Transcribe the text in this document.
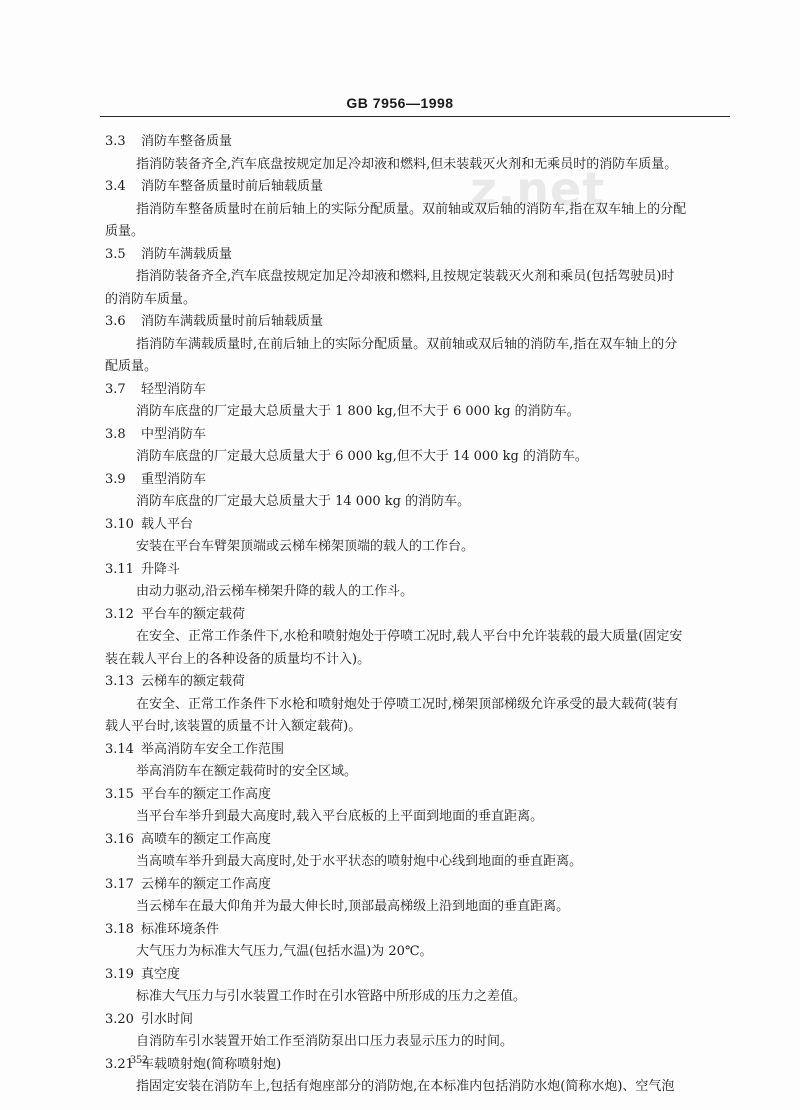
GB 7956—1998
z.net
3.3	消防车整备质量
指消防装备齐全,汽车底盘按规定加足冷却液和燃料,但未装载灭火剂和无乘员时的消防车质量。
3.4	消防车整备质量时前后轴载质量
指消防车整备质量时在前后轴上的实际分配质量。双前轴或双后轴的消防车,指在双车轴上的分配
质量。
3.5	消防车满载质量
指消防装备齐全,汽车底盘按规定加足冷却液和燃料,且按规定装载灭火剂和乘员(包括驾驶员)时
的消防车质量。
3.6	消防车满载质量时前后轴载质量
指消防车满载质量时,在前后轴上的实际分配质量。双前轴或双后轴的消防车,指在双车轴上的分
配质量。
3.7	轻型消防车
消防车底盘的厂定最大总质量大于 1 800 kg,但不大于 6 000 kg 的消防车。
3.8	中型消防车
消防车底盘的厂定最大总质量大于 6 000 kg,但不大于 14 000 kg 的消防车。
3.9	重型消防车
消防车底盘的厂定最大总质量大于 14 000 kg 的消防车。
3.10 载人平台
安装在平台车臂架顶端或云梯车梯架顶端的载人的工作台。
3.11 升降斗
由动力驱动,沿云梯车梯架升降的载人的工作斗。
3.12 平台车的额定载荷
在安全、正常工作条件下,水枪和喷射炮处于停喷工况时,载人平台中允许装载的最大质量(固定安
装在载人平台上的各种设备的质量均不计入)。
3.13 云梯车的额定载荷
在安全、正常工作条件下水枪和喷射炮处于停喷工况时,梯架顶部梯级允许承受的最大载荷(装有
载人平台时,该装置的质量不计入额定载荷)。
3.14 举高消防车安全工作范围
举高消防车在额定载荷时的安全区域。
3.15 平台车的额定工作高度
当平台车举升到最大高度时,载入平台底板的上平面到地面的垂直距离。
3.16 高喷车的额定工作高度
当高喷车举升到最大高度时,处于水平状态的喷射炮中心线到地面的垂直距离。
3.17 云梯车的额定工作高度
当云梯车在最大仰角并为最大伸长时,顶部最高梯级上沿到地面的垂直距离。
3.18 标准环境条件
大气压力为标准大气压力,气温(包括水温)为 20℃。
3.19 真空度
标准大气压力与引水装置工作时在引水管路中所形成的压力之差值。
3.20 引水时间
自消防车引水装置开始工作至消防泵出口压力表显示压力的时间。
3.21 车载喷射炮(简称喷射炮)
指固定安装在消防车上,包括有炮座部分的消防炮,在本标准内包括消防水炮(简称水炮)、空气泡
352
